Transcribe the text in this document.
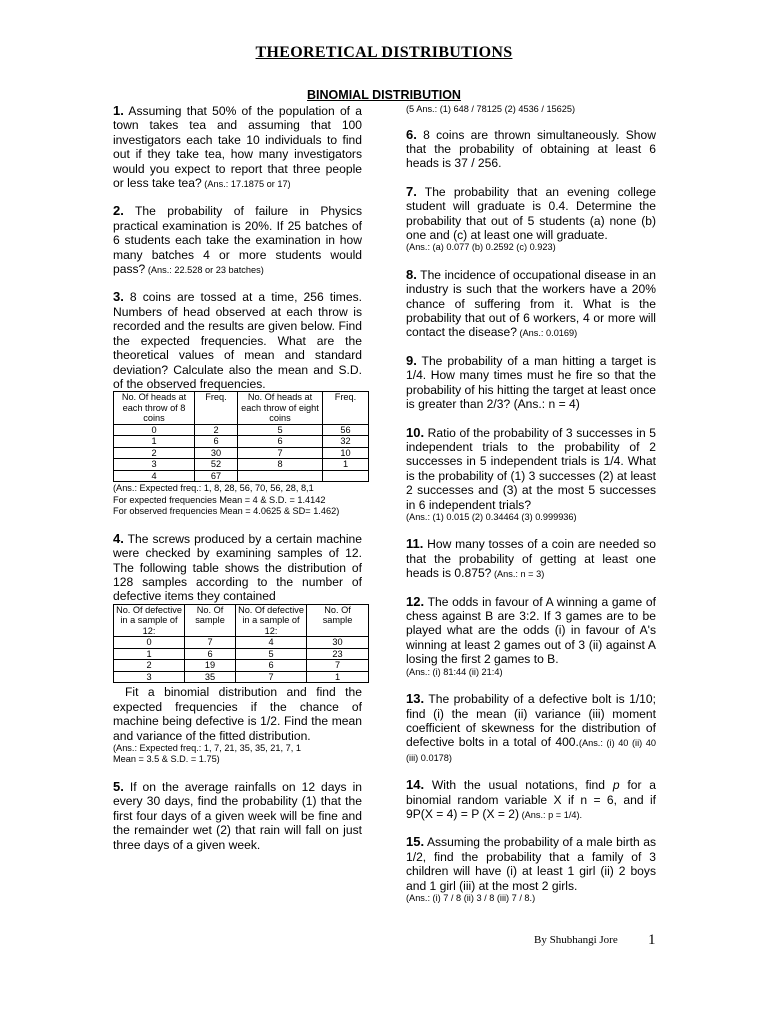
THEORETICAL DISTRIBUTIONS
BINOMIAL DISTRIBUTION

1. Assuming that 50% of the population of a town takes tea and assuming that 100 investigators each take 10 individuals to find out if they take tea, how many investigators would you expect to report that three people or less take tea? (Ans.: 17.1875 or 17)

2. The probability of failure in Physics practical examination is 20%. If 25 batches of 6 students each take the examination in how many batches 4 or more students would pass? (Ans.: 22.528 or 23 batches)

3. 8 coins are tossed at a time, 256 times. Numbers of head observed at each throw is recorded and the results are given below. Find the expected frequencies. What are the theoretical values of mean and standard deviation? Calculate also the mean and S.D. of the observed frequencies.

No. Of heads at each throw of 8 coins	Freq.	No. Of heads at each throw of eight coins	Freq.
0	2	5	56
1	6	6	32
2	30	7	10
3	52	8	1
4	67		
(Ans.: Expected freq.: 1, 8, 28, 56, 70, 56, 28, 8,1
For expected frequencies Mean = 4 & S.D. = 1.4142
For observed frequencies Mean = 4.0625 & SD= 1.462)

4. The screws produced by a certain machine were checked by examining samples of 12. The following table shows the distribution of 128 samples according to the number of defective items they contained

No. Of defective in a sample of 12:	No. Of sample	No. Of defective in a sample of 12:	No. Of sample
0	7	4	30
1	6	5	23
2	19	6	7
3	35	7	1

Fit a binomial distribution and find the expected frequencies if the chance of machine being defective is 1/2. Find the mean and variance of the fitted distribution.

(Ans.: Expected freq.: 1, 7, 21, 35, 35, 21, 7, 1
Mean = 3.5 & S.D. = 1.75)

5. If on the average rainfalls on 12 days in every 30 days, find the probability (1) that the first four days of a given week will be fine and the remainder wet (2) that rain will fall on just three days of a given week.

(5 Ans.: (1) 648 / 78125 (2) 4536 / 15625)

6. 8 coins are thrown simultaneously. Show that the probability of obtaining at least 6 heads is 37 / 256.

7. The probability that an evening college student will graduate is 0.4. Determine the probability that out of 5 students (a) none (b) one and (c) at least one will graduate.

(Ans.: (a) 0.077 (b) 0.2592 (c) 0.923)

8. The incidence of occupational disease in an industry is such that the workers have a 20% chance of suffering from it. What is the probability that out of 6 workers, 4 or more will contact the disease? (Ans.: 0.0169)

9. The probability of a man hitting a target is 1/4. How many times must he fire so that the probability of his hitting the target at least once is greater than 2/3? (Ans.: n = 4)

10. Ratio of the probability of 3 successes in 5 independent trials to the probability of 2 successes in 5 independent trials is 1/4. What is the probability of (1) 3 successes (2) at least 2 successes and (3) at the most 5 successes in 6 independent trials?

(Ans.: (1) 0.015 (2) 0.34464 (3) 0.999936)

11. How many tosses of a coin are needed so that the probability of getting at least one heads is 0.875? (Ans.: n = 3)

12. The odds in favour of A winning a game of chess against B are 3:2. If 3 games are to be played what are the odds (i) in favour of A's winning at least 2 games out of 3 (ii) against A losing the first 2 games to B.

(Ans.: (i) 81:44 (ii) 21:4)

13. The probability of a defective bolt is 1/10; find (i) the mean (ii) variance (iii) moment coefficient of skewness for the distribution of defective bolts in a total of 400.(Ans.: (i) 40 (ii) 40 (iii) 0.0178)

14. With the usual notations, find p for a binomial random variable X if n = 6, and if 9P(X = 4) = P (X = 2) (Ans.: p = 1/4).

15. Assuming the probability of a male birth as 1/2, find the probability that a family of 3 children will have (i) at least 1 girl (ii) 2 boys and 1 girl (iii) at the most 2 girls.

(Ans.: (i) 7 / 8 (ii) 3 / 8 (iii) 7 / 8.)
By Shubhangi Jore 1
